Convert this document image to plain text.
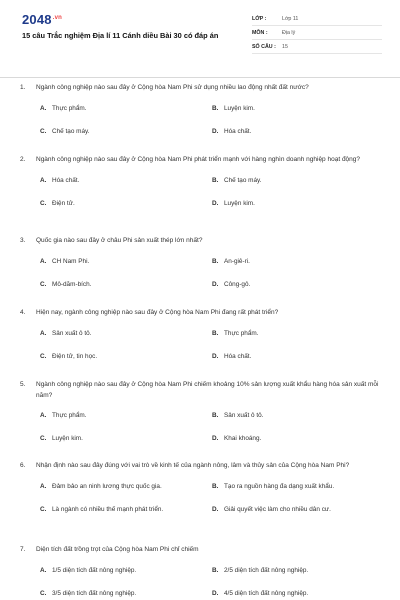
$2048^{.vn}$
15 câu Trắc nghiệm Địa lí 11 Cánh diều Bài 30 có đáp án
LỚP :	Lớp 11
MÔN :	Địa lý
SỐ CÂU :	15
1.	Ngành công nghiệp nào sau đây ở Cộng hòa Nam Phi sử dụng nhiều lao động nhất đất nước?
A. Thực phẩm.	B. Luyện kim.
C. Chế tạo máy.	D. Hóa chất.
2.	Ngành công nghiệp nào sau đây ở Cộng hòa Nam Phi phát triển mạnh với hàng nghìn doanh nghiệp hoạt động?
A. Hóa chất.	B. Chế tạo máy.
C. Điện tử.	D. Luyện kim.
3.	Quốc gia nào sau đây ở châu Phi sản xuất thép lớn nhất?
A. CH Nam Phi.	B. An-giê-ri.
C. Mô-dăm-bích.	D. Công-gô.
4.	Hiện nay, ngành công nghiệp nào sau đây ở Cộng hòa Nam Phi đang rất phát triển?
A. Sản xuất ô tô.	B. Thực phẩm.
C. Điện tử, tin học.	D. Hóa chất.
5.	Ngành công nghiệp nào sau đây ở Cộng hòa Nam Phi chiếm khoảng 10% sản lượng xuất khẩu hàng hóa sản xuất mỗi năm?
A. Thực phẩm.	B. Sản xuất ô tô.
C. Luyện kim.	D. Khai khoáng.
6.	Nhận định nào sau đây đúng với vai trò về kinh tế của ngành nông, lâm và thủy sản của Cộng hòa Nam Phi?
A. Đảm bảo an ninh lương thực quốc gia.	B. Tạo ra nguồn hàng đa dạng xuất khẩu.
C. Là ngành có nhiều thế mạnh phát triển.	D. Giải quyết việc làm cho nhiều dân cư.
7.	Diện tích đất trồng trọt của Cộng hòa Nam Phi chỉ chiếm
A. 1/5 diện tích đất nông nghiệp.	B. 2/5 diện tích đất nông nghiệp.
C. 3/5 diện tích đất nông nghiệp.	D. 4/5 diện tích đất nông nghiệp.
